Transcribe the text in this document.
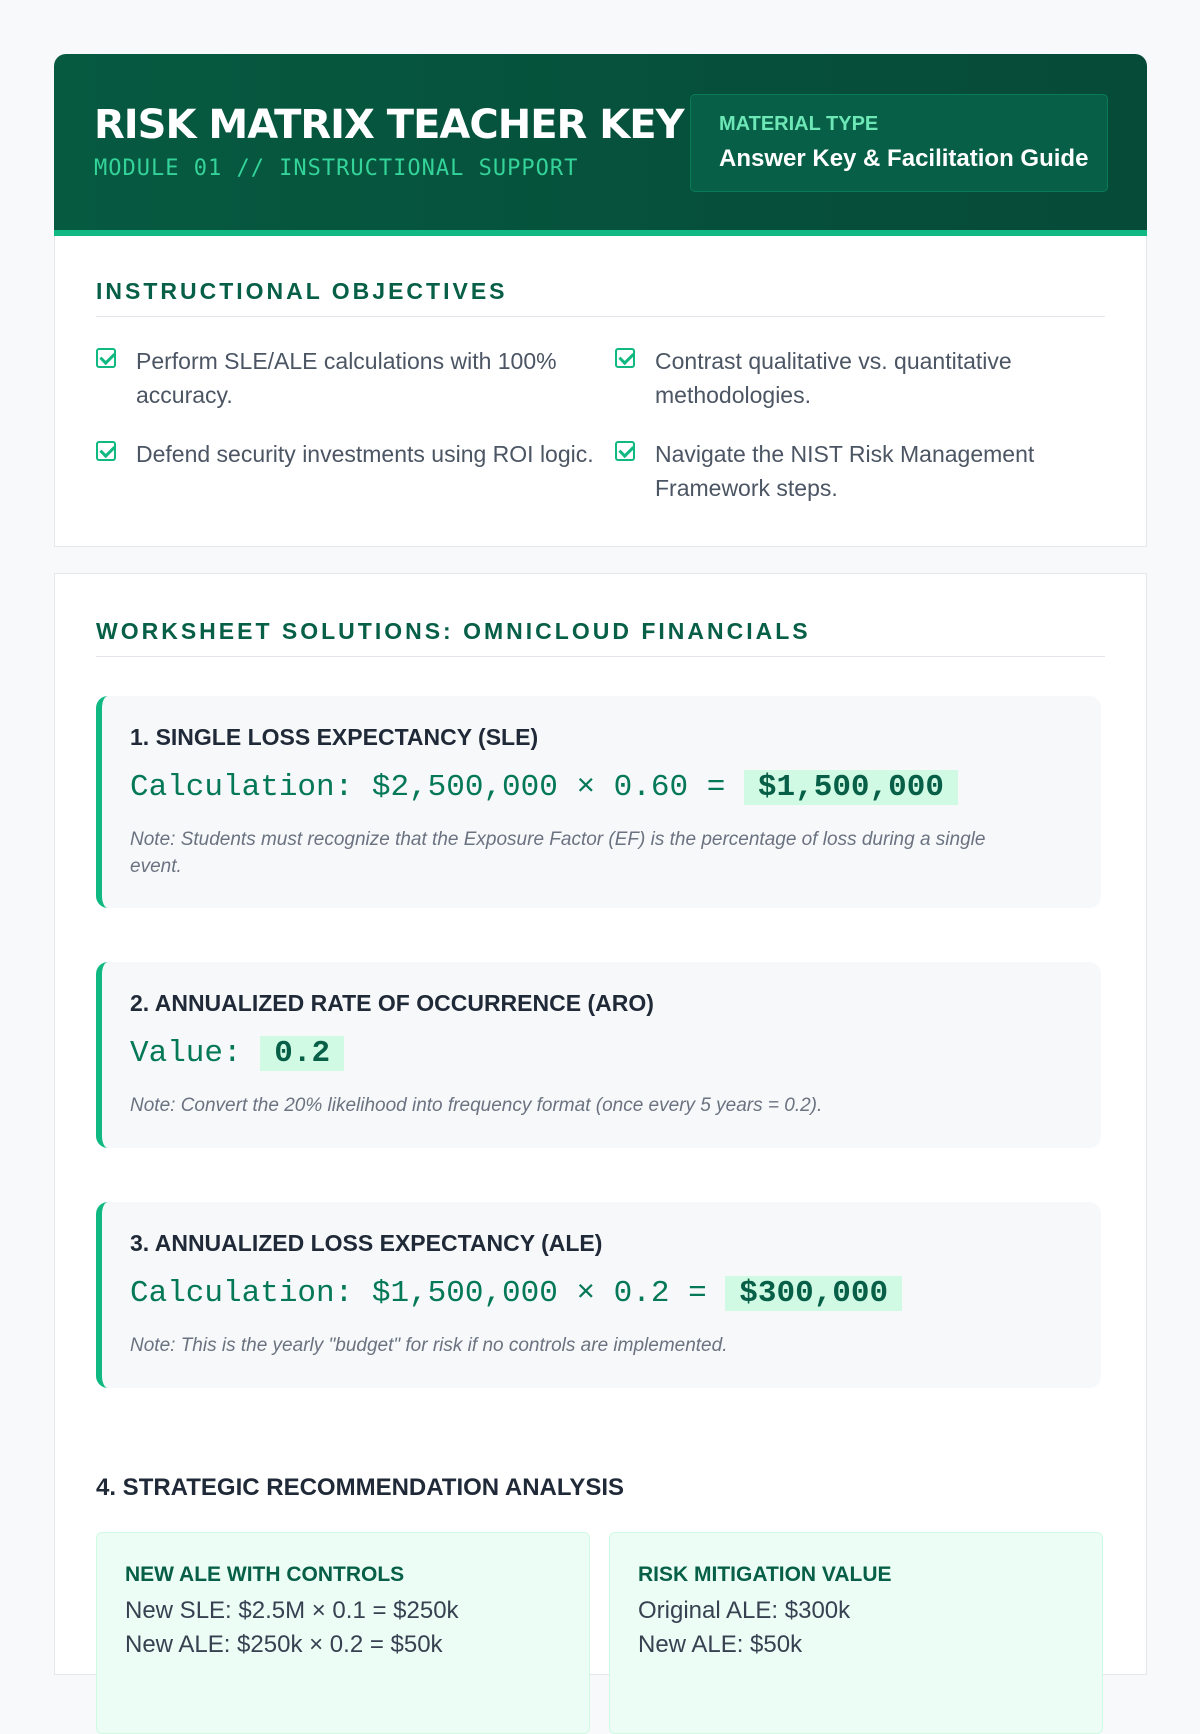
RISK MATRIX TEACHER KEY
MODULE 01 // INSTRUCTIONAL SUPPORT
MATERIAL TYPE
Answer Key & Facilitation Guide
INSTRUCTIONAL OBJECTIVES
Perform SLE/ALE calculations with 100% accuracy.
Contrast qualitative vs. quantitative methodologies.
Defend security investments using ROI logic.	Navigate the NIST Risk Management Framework steps.
WORKSHEET SOLUTIONS: OMNICLOUD FINANCIALS
1. SINGLE LOSS EXPECTANCY (SLE)
Calculation: $2,500,000 × 0.60 = $1,500,000
Note: Students must recognize that the Exposure Factor (EF) is the percentage of loss during a single event.
2. ANNUALIZED RATE OF OCCURRENCE (ARO)
Value: 0.2
Note: Convert the 20% likelihood into frequency format (once every 5 years = 0.2).
3. ANNUALIZED LOSS EXPECTANCY (ALE)
Calculation: $1,500,000 × 0.2 = $300,000
Note: This is the yearly "budget" for risk if no controls are implemented.
4. STRATEGIC RECOMMENDATION ANALYSIS
NEW ALE WITH CONTROLS
New SLE: $2.5M × 0.1 = $250k
New ALE: $250k × 0.2 = $50k
RISK MITIGATION VALUE
Original ALE: $300k
New ALE: $50k
